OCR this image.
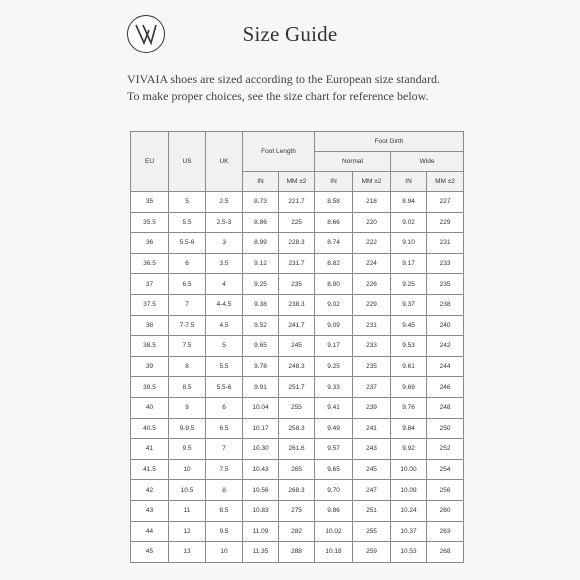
Size Guide
VIVAIA shoes are sized according to the European size standard.
To make proper choices, see the size chart for reference below.
EU	US	UK	Foot Length		Foot Girth			
					Normal		Wide	
			IN	MM ±2	IN	MM ±2	IN	MM ±2
35	5	2.5	8.73	221.7	8.58	218	8.94	227
35.5	5.5	2.5-3	8.86	225	8.66	220	9.02	229
36	5.5-6	3	8.99	228.3	8.74	222	9.10	231
36.5	6	3.5	9.12	231.7	8.82	224	9.17	233
37	6.5	4	9.25	235	8.90	226	9.25	235
37.5	7	4-4.5	9.38	238.3	9.02	229	9.37	238
38	7-7.5	4.5	9.52	241.7	9.09	231	9.45	240
38.5	7.5	5	9.65	245	9.17	233	9.53	242
39	8	5.5	9.78	248.3	9.25	235	9.61	244
39.5	8.5	5.5-6	9.91	251.7	9.33	237	9.69	246
40	9	6	10.04	255	9.41	239	9.76	248
40.5	9-9.5	6.5	10.17	258.3	9.49	241	9.84	250
41	9.5	7	10.30	261.6	9.57	243	9.92	252
41.5	10	7.5	10.43	265	9.65	245	10.00	254
42	10.5	8	10.56	268.3	9.70	247	10.09	256
43	11	8.5	10.83	275	9.86	251	10.24	260
44	12	9.5	11.09	282	10.02	255	10.37	263
45	13	10	11.35	288	10.18	259	10.53	268
